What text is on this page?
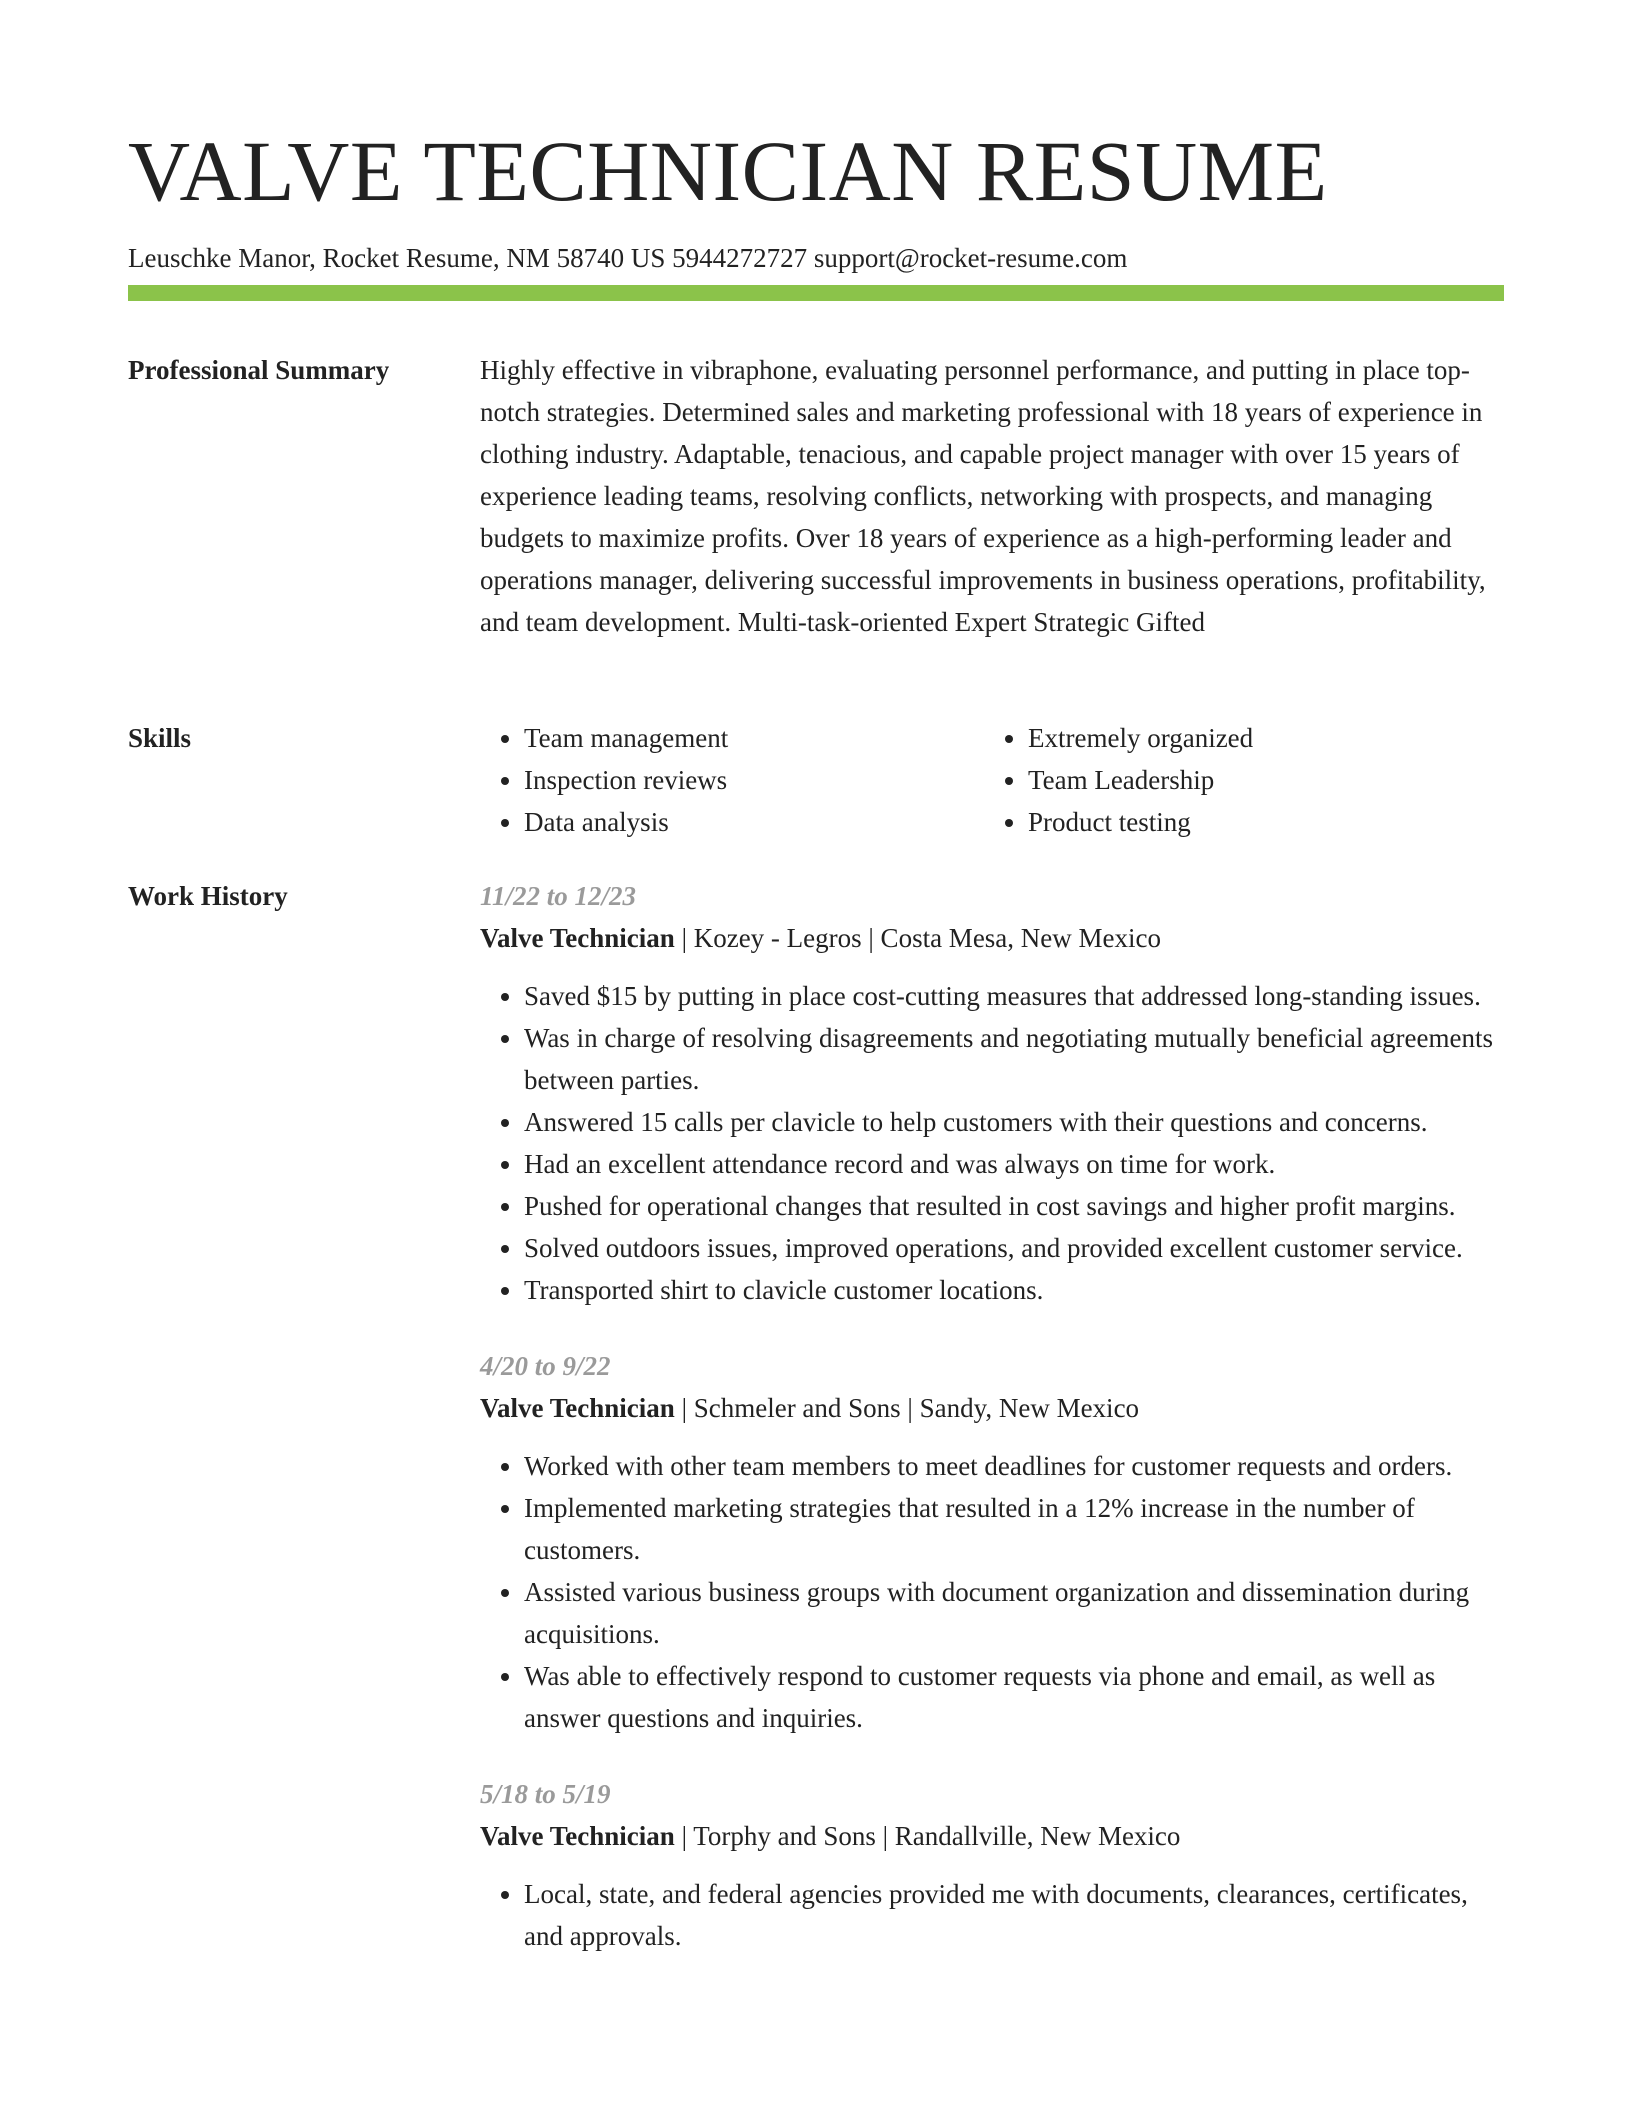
VALVE TECHNICIAN RESUME
Leuschke Manor, Rocket Resume, NM 58740 US 5944272727 support@rocket-resume.com
Professional Summary	Highly effective in vibraphone, evaluating personnel performance, and putting in place top-notch strategies. Determined sales and marketing professional with 18 years of experience in clothing industry. Adaptable, tenacious, and capable project manager with over 15 years of experience leading teams, resolving conflicts, networking with prospects, and managing budgets to maximize profits. Over 18 years of experience as a high-performing leader and operations manager, delivering successful improvements in business operations, profitability, and team development. Multi-task-oriented Expert Strategic Gifted

Skills
•	Team management
• Inspection reviews
• Data analysis
• Extremely organized
• Team Leadership
• Product testing
Work History	11/22 to 12/23
Valve Technician | Kozey - Legros | Costa Mesa, New Mexico
• Saved $15 by putting in place cost-cutting measures that addressed long-standing issues.
• Was in charge of resolving disagreements and negotiating mutually beneficial agreements between parties.
• Answered 15 calls per clavicle to help customers with their questions and concerns.
• Had an excellent attendance record and was always on time for work.
• Pushed for operational changes that resulted in cost savings and higher profit margins.
• Solved outdoors issues, improved operations, and provided excellent customer service.
• Transported shirt to clavicle customer locations.
4/20 to 9/22
Valve Technician | Schmeler and Sons | Sandy, New Mexico
• Worked with other team members to meet deadlines for customer requests and orders.
• Implemented marketing strategies that resulted in a 12% increase in the number of customers.
• Assisted various business groups with document organization and dissemination during acquisitions.
• Was able to effectively respond to customer requests via phone and email, as well as answer questions and inquiries.
5/18 to 5/19
Valve Technician | Torphy and Sons | Randallville, New Mexico
• Local, state, and federal agencies provided me with documents, clearances, certificates, and approvals.
